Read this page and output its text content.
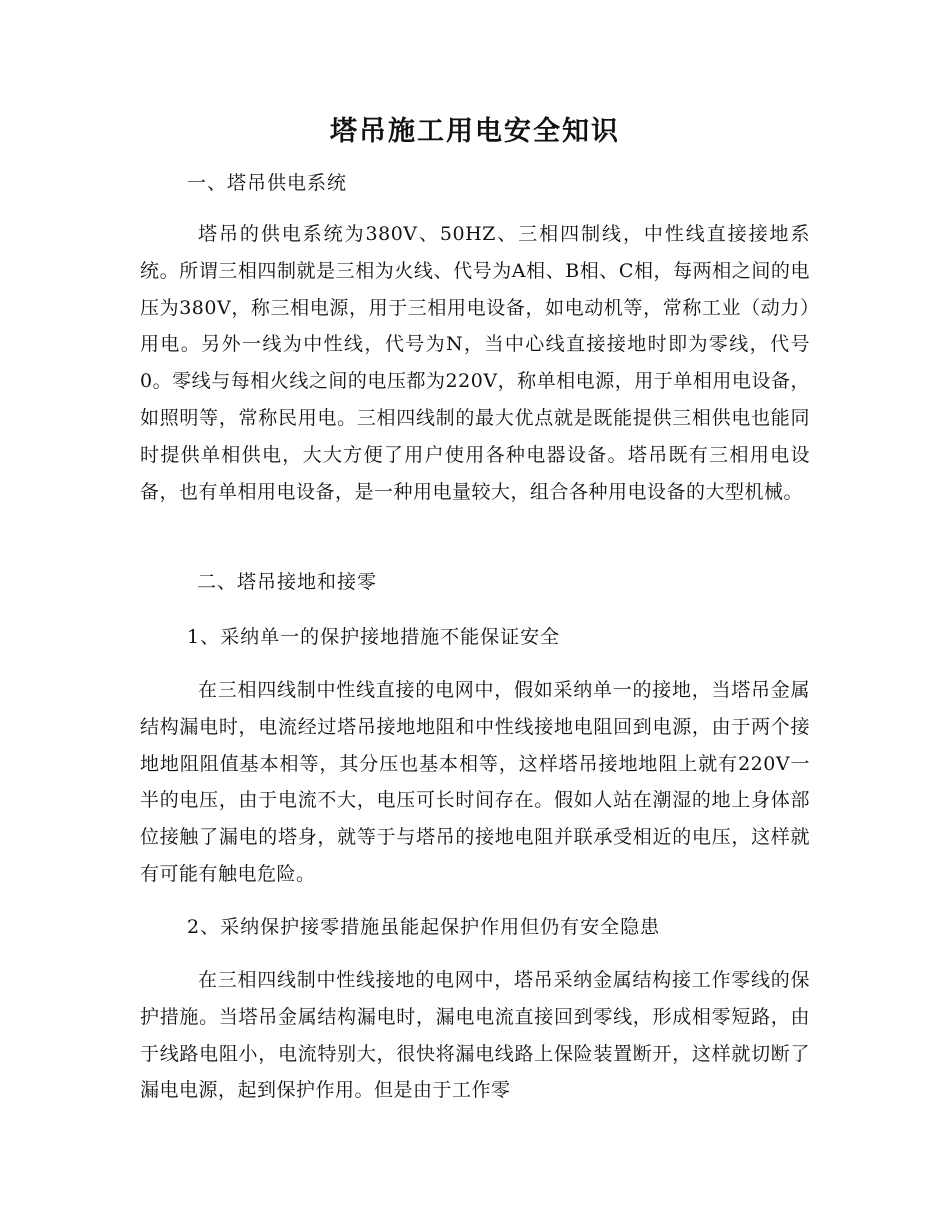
塔吊施工用电安全知识
一、塔吊供电系统
塔吊的供电系统为380V、50HZ、三相四制线，中性线直接接地系统。所谓三相四制就是三相为火线、代号为A相、B相、C相，每两相之间的电压为380V，称三相电源，用于三相用电设备，如电动机等，常称工业（动力）用电。另外一线为中性线，代号为N，当中心线直接接地时即为零线，代号0。零线与每相火线之间的电压都为220V，称单相电源，用于单相用电设备，如照明等，常称民用电。三相四线制的最大优点就是既能提供三相供电也能同时提供单相供电，大大方便了用户使用各种电器设备。塔吊既有三相用电设备，也有单相用电设备，是一种用电量较大，组合各种用电设备的大型机械。
二、塔吊接地和接零
1、采纳单一的保护接地措施不能保证安全
在三相四线制中性线直接的电网中，假如采纳单一的接地，当塔吊金属结构漏电时，电流经过塔吊接地地阻和中性线接地电阻回到电源，由于两个接地地阻阻值基本相等，其分压也基本相等，这样塔吊接地地阻上就有220V一半的电压，由于电流不大，电压可长时间存在。假如人站在潮湿的地上身体部位接触了漏电的塔身，就等于与塔吊的接地电阻并联承受相近的电压，这样就有可能有触电危险。
2、采纳保护接零措施虽能起保护作用但仍有安全隐患
在三相四线制中性线接地的电网中，塔吊采纳金属结构接工作零线的保护措施。当塔吊金属结构漏电时，漏电电流直接回到零线，形成相零短路，由于线路电阻小，电流特别大，很快将漏电线路上保险装置断开，这样就切断了漏电电源，起到保护作用。但是由于工作零
